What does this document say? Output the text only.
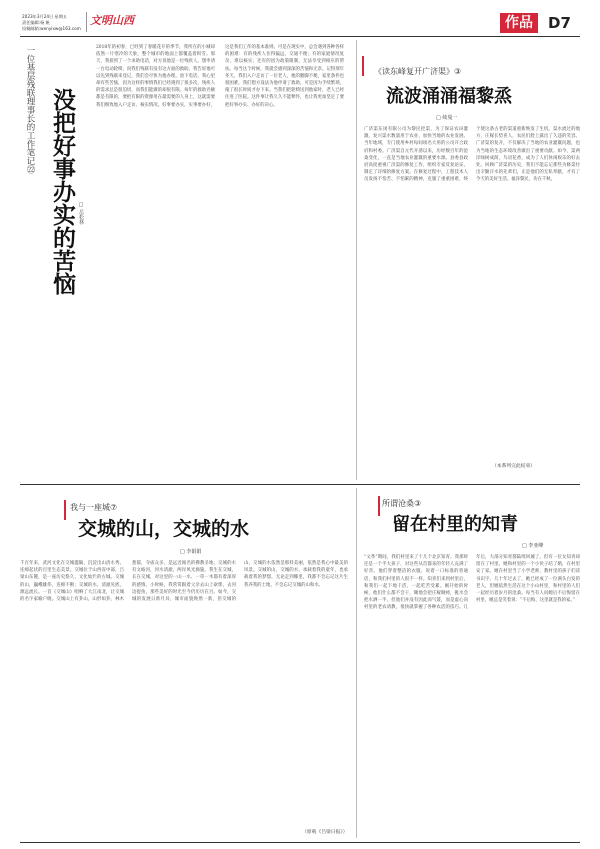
2023年3月24日 星期五
责任编辑:杨 帆
投稿邮箱:wenyixw@163.com
文明山西	作品	D7
一位基层残联理事长的工作笔记㉒ 没把好事办实的苦恼 □ 岳松林
2018年的初春，已经到了春暖花开的季节，我所在的小城却依然一片寒冷的天象，整个城市的地面上都覆盖着积雪。那天，我接到了一个求助电话，对方说他是一位残疾人，想申请一台电动轮椅，问我们残联有没有这方面的救助。我告诉他可以先到残联来登记，我们会尽快为他办理。放下电话，我心里却有些苦恼，因为这样的事情我们已经遇到了很多次，残疾人的需求总是很迫切，而我们能做的却很有限。每年的救助名额都是有限的，要把有限的资源用在最需要的人身上，这就需要我们细致地入户走访、核实情况。好事要办实，实事要办好，这是我们工作的基本准则。可是在现实中，总会遇到各种各样的困难：有的残疾人住得偏远，交通不便；有的家庭情况复杂，难以核实；还有的因为政策限制，无法享受到相应的帮扶。每当这个时候，我就会感到深深的苦恼和无奈。记得那年冬天，我们入户走访了一位老人，他的腿脚不便，家里条件也很困难，我们想方设法为他申请了救助，可是因为手续繁琐，拖了很长时间才办下来。当我们把轮椅送到他家时，老人已经住进了医院。这件事让我久久不能释怀，也让我更加坚定了要把好事办实、办好的决心。
《读东峰复开广济渠》③
流波涌涌福黎烝
□ 续曼一
广济渠东岗有限公司为黎民控渠，为了保证农田灌溉，复兴渠水数量用于农业，加快当地的农业发展。当年地域，专门使用乡村每间项名大用的公司开合政府和村委。广济渠自元代开凿以来，历经数百年的沧桑变化，一直是当地农业灌溉的重要水源。县委县政府高度重视广济渠的修复工作，组织专家反复论证，制定了详细的修复方案。在修复过程中，工程技术人员发扬不怕苦、不怕累的精神，克服了重重困难，终于使这条古老的渠道重新焕发了生机。渠水流过的地方，庄稼长势喜人，农民们脸上露出了久违的笑容。广济渠的复开，不仅解决了当地的农业灌溉问题，也为当地的生态环境改善做出了重要贡献。如今，渠两岸绿树成荫，鸟语花香，成为了人们休闲娱乐的好去处。回顾广济渠的历史，我们不能忘记那些为修渠付出辛勤汗水的先辈们，正是他们的无私奉献，才有了今天的美好生活。福泽黎民，功在千秋。
（本系列完此结束）
我与一座城⑦
交城的山，交城的水
□ 李娟娟
千百年来，武河文化在交城滥觞，沉淀出山清水秀、连绵起伏的百里生态美景。交城位于山西省中部，吕梁山东麓，是一座历史悠久、文化灿烂的古城。交城的山，巍峨雄伟，连绵不断；交城的水，清澈见底，源远流长。一首《交城山》唱响了大江南北，让交城的名字家喻户晓。交城山上有卦山，山形如卦，林木葱郁，寺庙众多，是远近闻名的佛教圣地；交城的水有文峪河，河水清澈，两岸风光旖旎。我生在交城，长在交城，对这里的一山一水、一草一木都有着深厚的感情。小时候，我常常跟着父亲去山上砍柴，去河边捉鱼，那些美好的时光至今仍历历在目。如今，交城的发展日新月异，城市面貌焕然一新，但交城的山、交城的水依然是那样美丽，依然是我心中最美的风景。交城的山，交城的水，承载着我的童年，也承载着我的梦想。无论走到哪里，我都不会忘记这片生我养我的土地，不会忘记交城的山和水。
（原载《吕梁日报》）
所谓沧桑③
留在村里的知青
□ 李亚峰
“文革”期间，我们村里来了十几个北京知青。我那时还是一个半大孩子，对这些从首都来的年轻人充满了好奇。他们穿着整洁的衣服，说着一口标准的普通话，和我们村里的人很不一样。知青们来到村里后，和我们一起下地干活，一起吃苦受累。刚开始的时候，他们什么都不会干，锄地会把庄稼锄掉，挑水会把水洒一半，但他们并没有因此而气馁，而是虚心向村里的老农请教，很快就掌握了各种农活的技巧。几年后，大部分知青都陆续回城了，但有一位女知青却留在了村里。她和村里的一个小伙子结了婚，在村里安了家。她在村里当了小学老师，教村里的孩子们读书识字。几十年过去了，她已经成了一位满头白发的老人，但她依然生活在这个小山村里，和村里的人们一起经历着岁月的沧桑。每当有人问她后不后悔留在村里，她总是笑着说：“不后悔，这里就是我的家。”
